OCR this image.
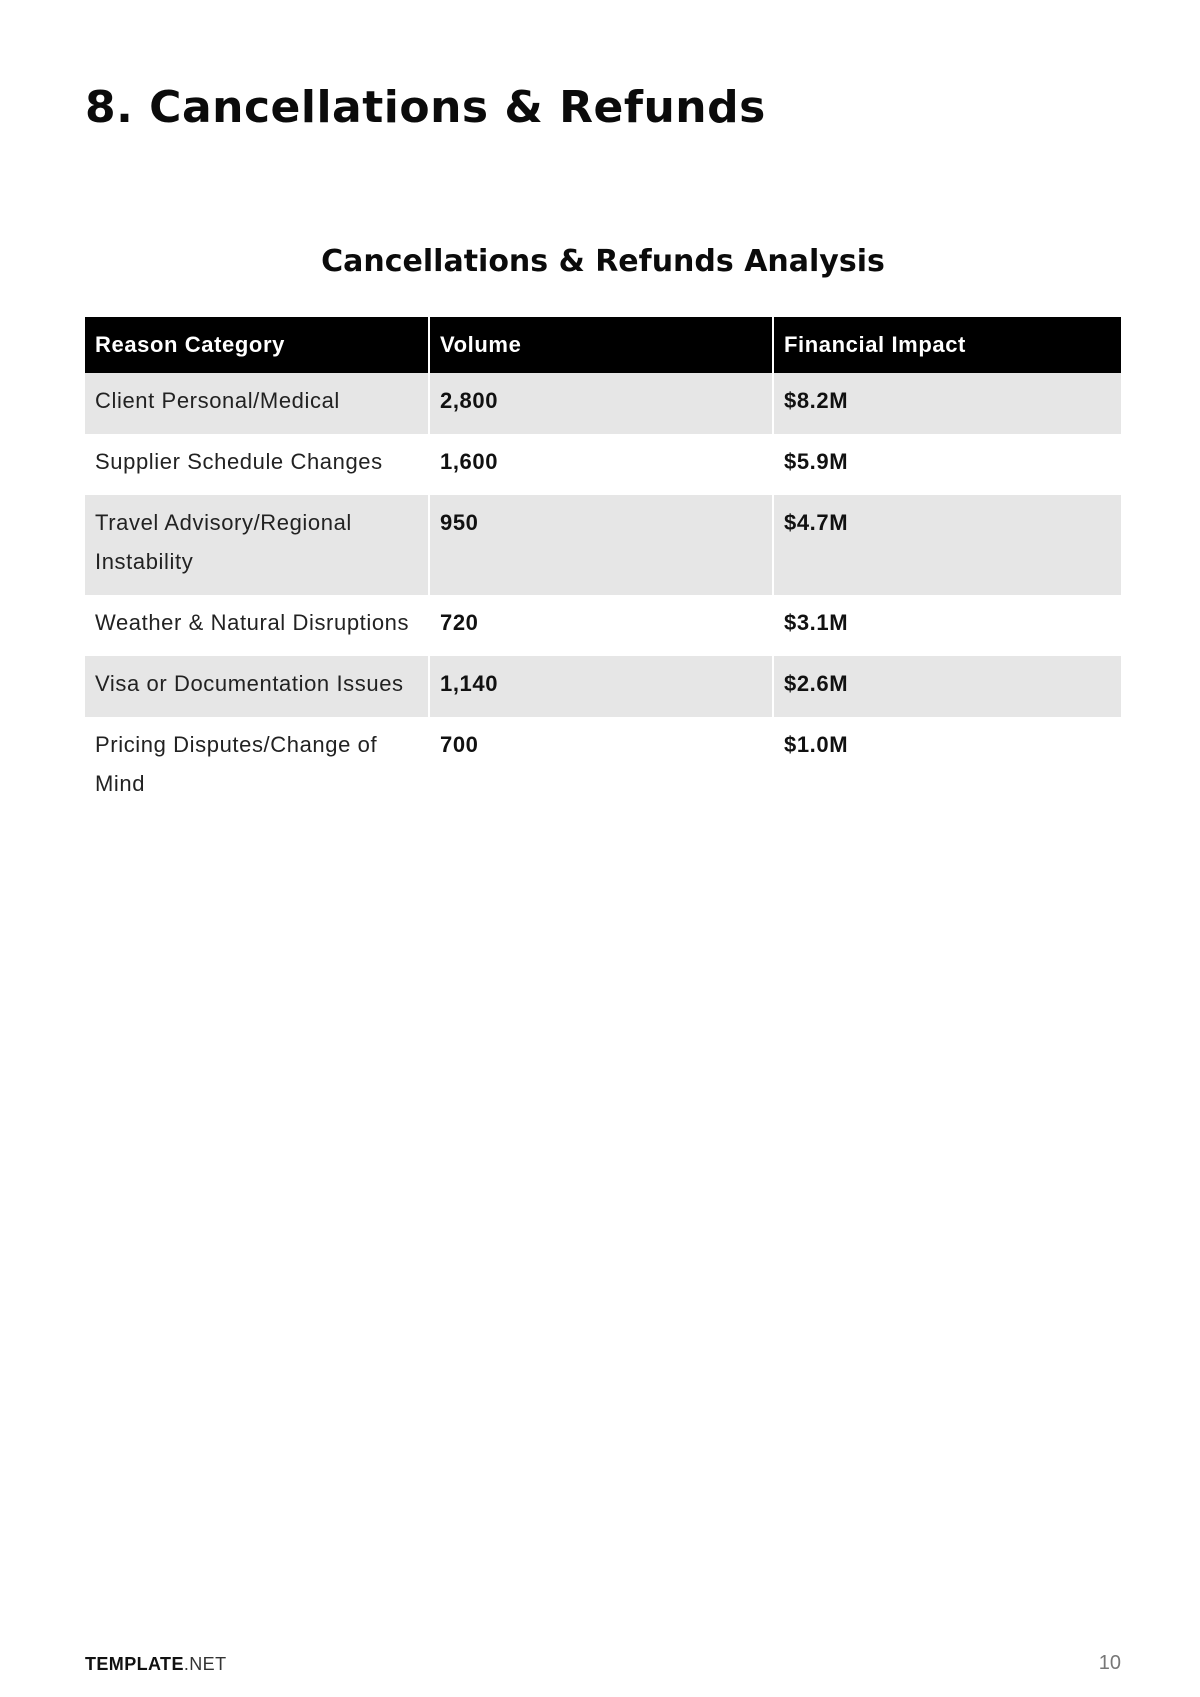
8. Cancellations & Refunds
Cancellations & Refunds Analysis
Reason Category	Volume	Financial Impact
Client Personal/Medical	2,800	$8.2M
Supplier Schedule Changes	1,600	$5.9M
Travel Advisory/Regional Instability	950	$4.7M
Weather & Natural Disruptions	720	$3.1M
Visa or Documentation Issues	1,140	$2.6M
Pricing Disputes/Change of Mind	700	$1.0M
TEMPLATE.NET	10
